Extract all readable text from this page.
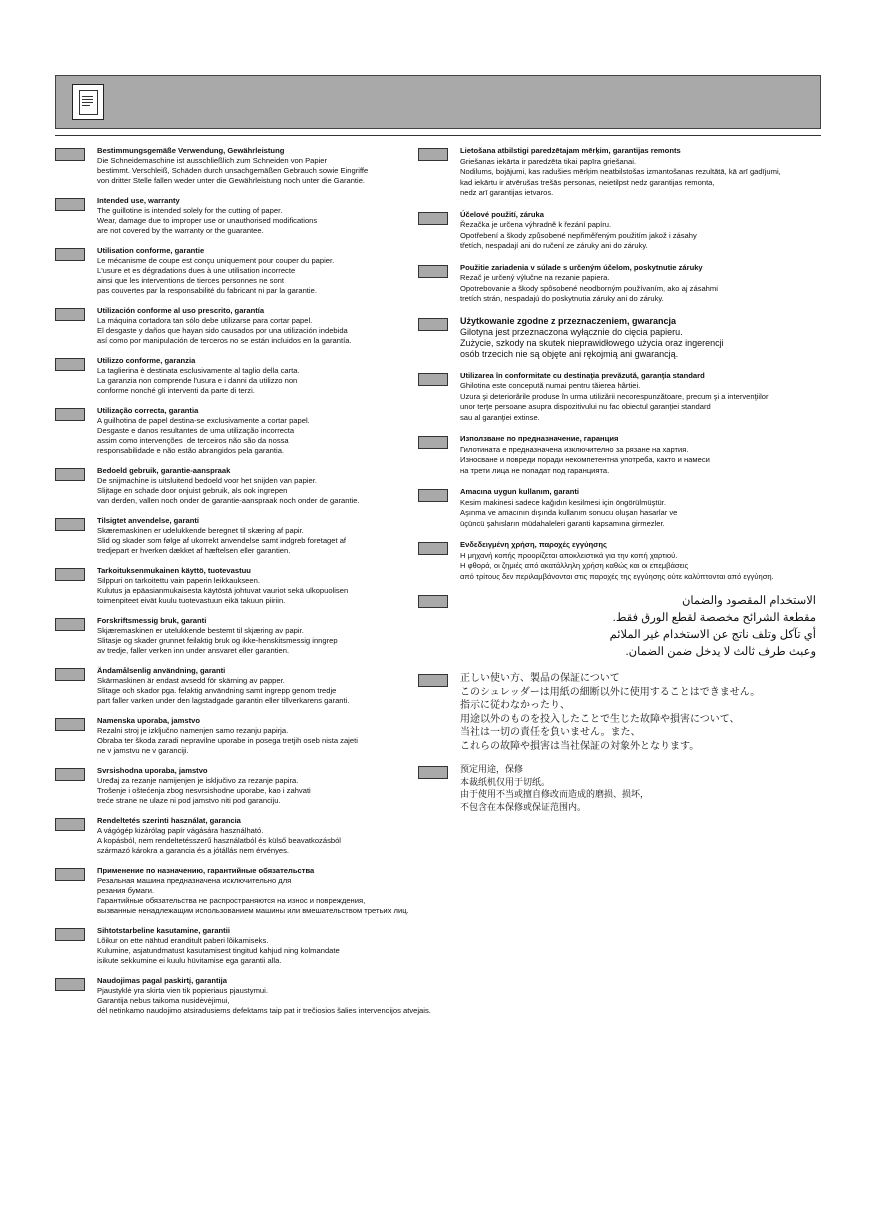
Bestimmungsgemäße Verwendung, Gewährleistung
Die Schneidemaschine ist ausschließlich zum Schneiden von Papier
bestimmt. Verschleiß, Schäden durch unsachgemäßen Gebrauch sowie Eingriffe
von dritter Stelle fallen weder unter die Gewährleistung noch unter die Garantie.
Intended use, warranty
The guillotine is intended solely for the cutting of paper.
Wear, damage due to improper use or unauthorised modifications
are not covered by the warranty or the guarantee.
Utilisation conforme, garantie
Le mécanisme de coupe est conçu uniquement pour couper du papier.
L'usure et es dégradations dues à une utilisation incorrecte
ainsi que les interventions de tierces personnes ne sont
pas couvertes par la responsabilité du fabricant ni par la garantie.
Utilización conforme al uso prescrito, garantía
La máquina cortadora tan sólo debe utilizarse para cortar papel.
El desgaste y daños que hayan sido causados por una utilización indebida
así como por manipulación de terceros no se están incluidos en la garantía.
Utilizzo conforme, garanzia
La taglierina è destinata esclusivamente al taglio della carta.
La garanzia non comprende l'usura e i danni da utilizzo non
conforme nonché gli interventi da parte di terzi.
Utilização correcta, garantia
A guilhotina de papel destina-se exclusivamente a cortar papel.
Desgaste e danos resultantes de uma utilização incorrecta
assim como intervenções  de terceiros não são da nossa
responsabilidade e não estão abrangidos pela garantia.
Bedoeld gebruik, garantie-aanspraak
De snijmachine is uitsluitend bedoeld voor het snijden van papier.
Slijtage en schade door onjuist gebruik, als ook ingrepen
van derden, vallen noch onder de garantie-aanspraak noch onder de garantie.
Tilsigtet anvendelse, garanti
Skæremaskinen er udelukkende beregnet til skæring af papir.
Slid og skader som følge af ukorrekt anvendelse samt indgreb foretaget af
tredjepart er hverken dækket af hæftelsen eller garantien.
Tarkoituksenmukainen käyttö, tuotevastuu
Silppuri on tarkoitettu vain paperin leikkaukseen.
Kulutus ja epäasianmukaisesta käytöstä johtuvat vauriot sekä ulkopuolisen
toimenpiteet eivät kuulu tuotevastuun eikä takuun piiriin.
Forskriftsmessig bruk, garanti
Skjæremaskinen er utelukkende bestemt til skjæring av papir.
Slitasje og skader grunnet feilaktig bruk og ikke-henskitsmessig inngrep
av tredje, faller verken inn under ansvaret eller garantien.
Ändamålsenlig användning, garanti
Skärmaskinen är endast avsedd för skärning av papper.
Slitage och skador pga. felaktig användning samt ingrepp genom tredje
part faller varken under den lagstadgade garantin eller tillverkarens garanti.
Namenska uporaba, jamstvo
Rezalni stroj je izključno namenjen samo rezanju papirja.
Obraba ter škoda zaradi nepravilne uporabe in posega tretjih oseb nista zajeti
ne v jamstvu ne v garanciji.
Svrsishodna uporaba, jamstvo
Uređaj za rezanje namijenjen je isključivo za rezanje papira.
Trošenje i oštećenja zbog nesvrsishodne uporabe, kao i zahvati
treće strane ne ulaze ni pod jamstvo niti pod garanciju.
Rendeltetés szerinti használat, garancia
A vágógép kizárólag papír vágására használható.
A kopásból, nem rendeltetésszerű használatból és külső beavatkozásból
származó károkra a garancia és a jótállás nem érvényes.
Применение по назначению, гарантийные обязательства
Резальная машина предназначена исключительно для
резания бумаги.
Гарантийные обязательства не распространяются на износ и повреждения,
вызванные ненадлежащим использованием машины или вмешательством третьих лиц.
Sihtotstarbeline kasutamine, garantii
Lõikur on ette nähtud eranditult paberi lõikamiseks.
Kulumine, asjatundmatust kasutamisest tingitud kahjud ning kolmandate
isikute sekkumine ei kuulu hüvitamise ega garantii alla.
Naudojimas pagal paskirtį, garantija
Pjaustyklė yra skirta vien tik popieriaus pjaustymui.
Garantija nebus taikoma nusidėvėjimui,
dėl netinkamo naudojimo atsiradusiems defektams taip pat ir trečiosios šalies intervencijos atvejais.
Lietošana atbilstigi paredzētajam mērķim, garantijas remonts
Griešanas iekārta ir paredzēta tikai papīra griešanai.
Nodilums, bojājumi, kas radušies mērķim neatbilstošas izmantošanas rezultātā, kā arī gadījumi,
kad iekārtu ir atvērušas trešās personas, neietilpst nedz garantijas remonta,
nedz arī garantijas ietvaros.
Účelové použití, záruka
Řezačka je určena výhradně k řezání papíru.
Opotřebení a škody způsobené nepřiměřeným použitím jakož i zásahy
třetích, nespadají ani do ručení ze záruky ani do záruky.
Použitie zariadenia v súlade s určeným účelom, poskytnutie záruky
Rezač je určený výlučne na rezanie papiera.
Opotrebovanie a škody spôsobené neodborným používaním, ako aj zásahmi
tretích strán, nespadajú do poskytnutia záruky ani do záruky.
Użytkowanie zgodne z przeznaczeniem, gwarancja
Gilotyna jest przeznaczona wyłącznie do cięcia papieru.
Zużycie, szkody na skutek nieprawidłowego użycia oraz ingerencji
osób trzecich nie są objęte ani rękojmią ani gwarancją.
Utilizarea în conformitate cu destinaţia prevăzută, garanţia standard
Ghilotina este concepută numai pentru tăierea hârtiei.
Uzura şi deteriorările produse în urma utilizării necorespunzătoare, precum şi a intervenţiilor
unor terţe persoane asupra dispozitivului nu fac obiectul garanţiei standard
sau al garanţiei extinse.
Използване по предназначение, гаранция
Гилотината е предназначена изключително за рязане на хартия.
Износване и повреди поради некомпетентна употреба, както и намеси
на трети лица не попадат под гаранцията.
Amacına uygun kullanım, garanti
Kesim makinesi sadece kağıdın kesilmesi için öngörülmüştür.
Aşınma ve amacının dışında kullanım sonucu oluşan hasarlar ve
üçüncü şahısların müdahaleleri garanti kapsamına girmezler.
Ενδεδειγμένη χρήση, παροχές εγγύησης
Η μηχανή κοπής προορίζεται αποκλειστικά για την κοπή χαρτιού.
Η φθορά, οι ζημιές από ακατάλληλη χρήση καθώς και οι επεμβάσεις
από τρίτους δεν περιλαμβάνονται στις παροχές της εγγύησης ούτε καλύπτονται από εγγύηση.
الاستخدام المقصود والضمان
مقطعة الشرائح مخصصة لقطع الورق فقط.
أي تآكل وتلف ناتج عن الاستخدام غير الملائم
وعبث طرف ثالث لا يدخل ضمن الضمان.
正しい使い方、製品の保証について
このシュレッダーは用紙の細断以外に使用することはできません。
指示に従わなかったり、
用途以外のものを投入したことで生じた故障や損害について、
当社は一切の責任を負いません。また、
これらの故障や損害は当社保証の対象外となります。
预定用途，保修
本裁纸机仅用于切纸。
由于使用不当或擅自修改而造成的磨损、损坏，
不包含在本保修或保证范围内。
